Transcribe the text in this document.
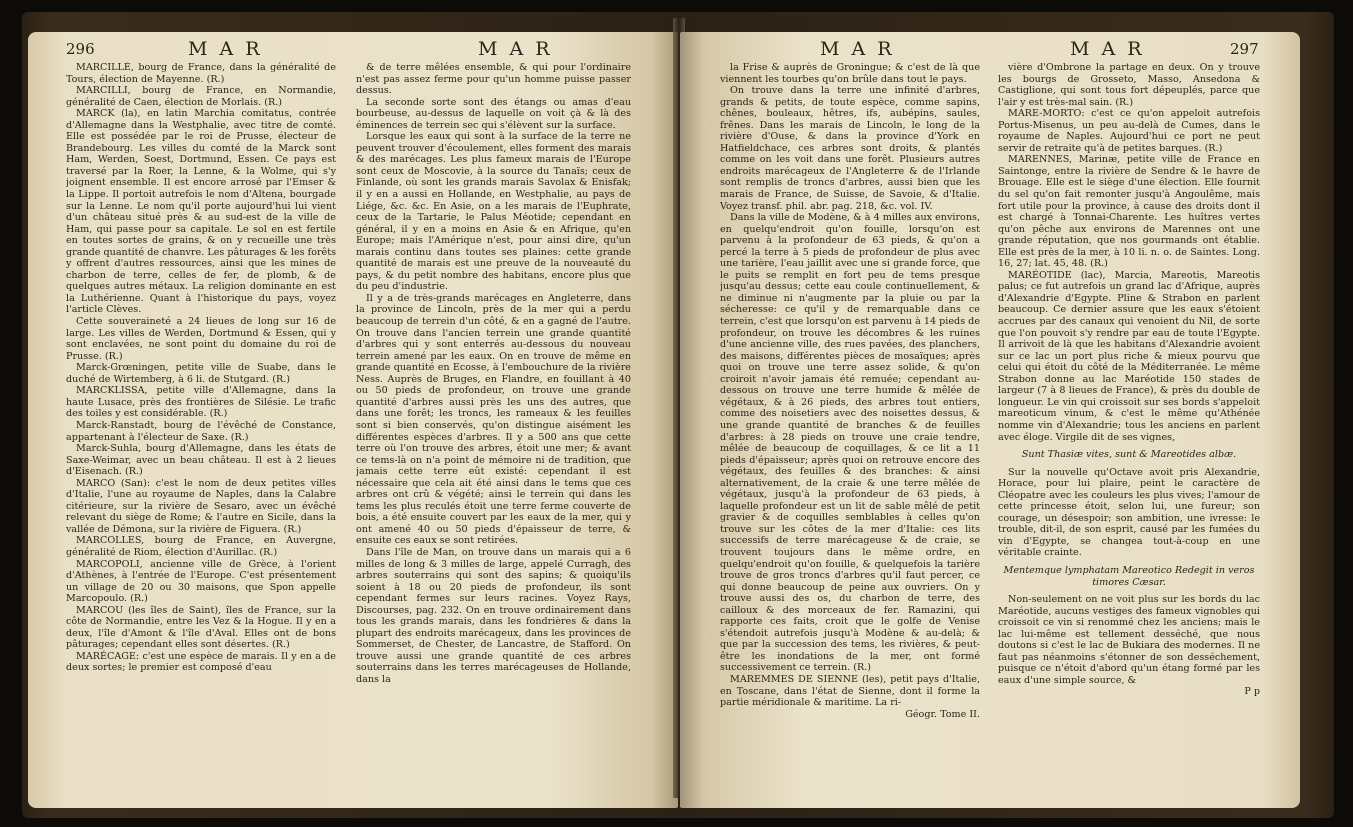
296	M A R	M A R

MARCILLÉ, bourg de France, dans la généralité de Tours, élection de Mayenne. (R.)

MARCILLI, bourg de France, en Normandie, généralité de Caen, élection de Morlais. (R.)

MARCK (la), en latin Marchia comitatus, contrée d'Allemagne dans la Westphalie, avec titre de comté. Elle est possédée par le roi de Prusse, électeur de Brandebourg. Les villes du comté de la Marck sont Ham, Werden, Soest, Dortmund, Essen. Ce pays est traversé par la Roer, la Lenne, & la Wolme, qui s'y joignent ensemble. Il est encore arrosé par l'Emser & la Lippe. Il portoit autrefois le nom d'Altena, bourgade sur la Lenne. Le nom qu'il porte aujourd'hui lui vient d'un château situé près & au sud-est de la ville de Ham, qui passe pour sa capitale. Le sol en est fertile en toutes sortes de grains, & on y recueille une très grande quantité de chanvre. Les pâturages & les forêts y offrent d'autres ressources, ainsi que les mines de charbon de terre, celles de fer, de plomb, & de quelques autres métaux. La religion dominante en est la Luthérienne. Quant à l'historique du pays, voyez l'article Clèves.

Cette souveraineté a 24 lieues de long sur 16 de large. Les villes de Werden, Dortmund & Essen, qui y sont enclavées, ne sont point du domaine du roi de Prusse. (R.)

Marck-Grœningen, petite ville de Suabe, dans le duché de Wirtemberg, à 6 li. de Stutgard. (R.)

MARCKLISSA, petite ville d'Allemagne, dans la haute Lusace, près des frontières de Silésie. Le trafic des toiles y est considérable. (R.)

Marck-Ranstadt, bourg de l'évêché de Constance, appartenant à l'électeur de Saxe. (R.)

Marck-Suhla, bourg d'Allemagne, dans les états de Saxe-Weimar, avec un beau château. Il est à 2 lieues d'Eisenach. (R.)

MARCO (San): c'est le nom de deux petites villes d'Italie, l'une au royaume de Naples, dans la Calabre citérieure, sur la rivière de Sesaro, avec un évêché relevant du siège de Rome; & l'autre en Sicile, dans la vallée de Démona, sur la rivière de Figuera. (R.)

MARCOLLES, bourg de France, en Auvergne, généralité de Riom, élection d'Aurillac. (R.)

MARCOPOLI, ancienne ville de Grèce, à l'orient d'Athènes, à l'entrée de l'Europe. C'est présentement un village de 20 ou 30 maisons, que Spon appelle Marcopoulo. (R.)

MARCOU (les îles de Saint), îles de France, sur la côte de Normandie, entre les Vez & la Hogue. Il y en a deux, l'île d'Amont & l'île d'Aval. Elles ont de bons pâturages; cependant elles sont désertes. (R.)

MARÉCAGE: c'est une espèce de marais. Il y en a de deux sortes; le premier est composé d'eau

& de terre mêlées ensemble, & qui pour l'ordinaire n'est pas assez ferme pour qu'un homme puisse passer dessus.

La seconde sorte sont des étangs ou amas d'eau bourbeuse, au-dessus de laquelle on voit çà & là des éminences de terrein sec qui s'élèvent sur la surface.

Lorsque les eaux qui sont à la surface de la terre ne peuvent trouver d'écoulement, elles forment des marais & des marécages. Les plus fameux marais de l'Europe sont ceux de Moscovie, à la source du Tanaïs; ceux de Finlande, où sont les grands marais Savolax & Enisfak; il y en a aussi en Hollande, en Westphalie, au pays de Liége, &c. &c. En Asie, on a les marais de l'Euphrate, ceux de la Tartarie, le Palus Méotide; cependant en général, il y en a moins en Asie & en Afrique, qu'en Europe; mais l'Amérique n'est, pour ainsi dire, qu'un marais continu dans toutes ses plaines: cette grande quantité de marais est une preuve de la nouveauté du pays, & du petit nombre des habitans, encore plus que du peu d'industrie.

Il y a de très-grands marécages en Angleterre, dans la province de Lincoln, près de la mer qui a perdu beaucoup de terrein d'un côté, & en a gagné de l'autre. On trouve dans l'ancien terrein une grande quantité d'arbres qui y sont enterrés au-dessous du nouveau terrein amené par les eaux. On en trouve de même en grande quantité en Ecosse, à l'embouchure de la rivière Ness. Auprès de Bruges, en Flandre, en fouillant à 40 ou 50 pieds de profondeur, on trouve une grande quantité d'arbres aussi près les uns des autres, que dans une forêt; les troncs, les rameaux & les feuilles sont si bien conservés, qu'on distingue aisément les différentes espèces d'arbres. Il y a 500 ans que cette terre où l'on trouve des arbres, étoit une mer; & avant ce tems-là on n'a point de mémoire ni de tradition, que jamais cette terre eût existé: cependant il est nécessaire que cela ait été ainsi dans le tems que ces arbres ont crû & végété; ainsi le terrein qui dans les tems les plus reculés étoit une terre ferme couverte de bois, a été ensuite couvert par les eaux de la mer, qui y ont amené 40 ou 50 pieds d'épaisseur de terre, & ensuite ces eaux se sont retirées.

Dans l'île de Man, on trouve dans un marais qui a 6 milles de long & 3 milles de large, appelé Curragh, des arbres souterrains qui sont des sapins; & quoiqu'ils soient à 18 ou 20 pieds de profondeur, ils sont cependant fermes sur leurs racines. Voyez Rays, Discourses, pag. 232. On en trouve ordinairement dans tous les grands marais, dans les fondrières & dans la plupart des endroits marécageux, dans les provinces de Sommerset, de Chester, de Lancastre, de Stafford. On trouve aussi une grande quantité de ces arbres souterrains dans les terres marécageuses de Hollande, dans la

M A R	M A R	297

la Frise & auprès de Groningue; & c'est de là que viennent les tourbes qu'on brûle dans tout le pays.

On trouve dans la terre une infinité d'arbres, grands & petits, de toute espèce, comme sapins, chênes, bouleaux, hêtres, ifs, aubépins, saules, frênes. Dans les marais de Lincoln, le long de la rivière d'Ouse, & dans la province d'York en Hatfieldchace, ces arbres sont droits, & plantés comme on les voit dans une forêt. Plusieurs autres endroits marécageux de l'Angleterre & de l'Irlande sont remplis de troncs d'arbres, aussi bien que les marais de France, de Suisse, de Savoie, & d'Italie. Voyez transf. phil. abr. pag. 218, &c. vol. IV.

Dans la ville de Modène, & à 4 milles aux environs, en quelqu'endroit qu'on fouille, lorsqu'on est parvenu à la profondeur de 63 pieds, & qu'on a percé la terre à 5 pieds de profondeur de plus avec une tarière, l'eau jaillit avec une si grande force, que le puits se remplit en fort peu de tems presque jusqu'au dessus; cette eau coule continuellement, & ne diminue ni n'augmente par la pluie ou par la sécheresse: ce qu'il y de remarquable dans ce terrein, c'est que lorsqu'on est parvenu à 14 pieds de profondeur, on trouve les décombres & les ruines d'une ancienne ville, des rues pavées, des planchers, des maisons, différentes pièces de mosaïques; après quoi on trouve une terre assez solide, & qu'on croiroit n'avoir jamais été remuée; cependant au-dessous on trouve une terre humide & mêlée de végétaux, & à 26 pieds, des arbres tout entiers, comme des noisetiers avec des noisettes dessus, & une grande quantité de branches & de feuilles d'arbres: à 28 pieds on trouve une craie tendre, mêlée de beaucoup de coquillages, & ce lit a 11 pieds d'épaisseur; après quoi on retrouve encore des végétaux, des feuilles & des branches: & ainsi alternativement, de la craie & une terre mêlée de végétaux, jusqu'à la profondeur de 63 pieds, à laquelle profondeur est un lit de sable mêlé de petit gravier & de coquilles semblables à celles qu'on trouve sur les côtes de la mer d'Italie: ces lits successifs de terre marécageuse & de craie, se trouvent toujours dans le même ordre, en quelqu'endroit qu'on fouille, & quelquefois la tarière trouve de gros troncs d'arbres qu'il faut percer, ce qui donne beaucoup de peine aux ouvriers. On y trouve aussi des os, du charbon de terre, des cailloux & des morceaux de fer. Ramazini, qui rapporte ces faits, croit que le golfe de Venise s'étendoit autrefois jusqu'à Modène & au-delà; & que par la succession des tems, les rivières, & peut-être les inondations de la mer, ont formé successivement ce terrein. (R.)

MAREMMES DE SIENNE (les), petit pays d'Italie, en Toscane, dans l'état de Sienne, dont il forme la partie méridionale & maritime. La ri-

Géogr. Tome II.

vière d'Ombrone la partage en deux. On y trouve les bourgs de Grosseto, Masso, Ansedona & Castiglione, qui sont tous fort dépeuplés, parce que l'air y est très-mal sain. (R.)

MARE-MORTO: c'est ce qu'on appeloit autrefois Portus-Misenus, un peu au-delà de Cumes, dans le royaume de Naples. Aujourd'hui ce port ne peut servir de retraite qu'à de petites barques. (R.)

MARENNES, Marinæ, petite ville de France en Saintonge, entre la rivière de Sendre & le havre de Brouage. Elle est le siège d'une élection. Elle fournit du sel qu'on fait remonter jusqu'à Angoulême, mais fort utile pour la province, à cause des droits dont il est chargé à Tonnai-Charente. Les huîtres vertes qu'on pêche aux environs de Marennes ont une grande réputation, que nos gourmands ont établie. Elle est près de la mer, à 10 li. n. o. de Saintes. Long. 16, 27; lat. 45, 48. (R.)

MARÉOTIDE (lac), Marcia, Mareotis, Mareotis palus; ce fut autrefois un grand lac d'Afrique, auprès d'Alexandrie d'Egypte. Pline & Strabon en parlent beaucoup. Ce dernier assure que les eaux s'étoient accrues par des canaux qui venoient du Nil, de sorte que l'on pouvoit s'y rendre par eau de toute l'Egypte. Il arrivoit de là que les habitans d'Alexandrie avoient sur ce lac un port plus riche & mieux pourvu que celui qui étoit du côté de la Méditerranée. Le même Strabon donne au lac Maréotide 150 stades de largeur (7 à 8 lieues de France), & près du double de longueur. Le vin qui croissoit sur ses bords s'appeloit mareoticum vinum, & c'est le même qu'Athénée nomme vin d'Alexandrie; tous les anciens en parlent avec éloge. Virgile dit de ses vignes,

Sunt Thasiæ vites, sunt & Mareotides albæ.

Sur la nouvelle qu'Octave avoit pris Alexandrie, Horace, pour lui plaire, peint le caractère de Cléopatre avec les couleurs les plus vives; l'amour de cette princesse étoit, selon lui, une fureur; son courage, un désespoir; son ambition, une ivresse: le trouble, dit-il, de son esprit, causé par les fumées du vin d'Egypte, se changea tout-à-coup en une véritable crainte.

Mentemque lymphatam Mareotico Redegit in veros timores Cæsar.

Non-seulement on ne voit plus sur les bords du lac Maréotide, aucuns vestiges des fameux vignobles qui croissoit ce vin si renommé chez les anciens; mais le lac lui-même est tellement desséché, que nous doutons si c'est le lac de Bukiara des modernes. Il ne faut pas néanmoins s'étonner de son desséchement, puisque ce n'étoit d'abord qu'un étang formé par les eaux d'une simple source, &

P p
